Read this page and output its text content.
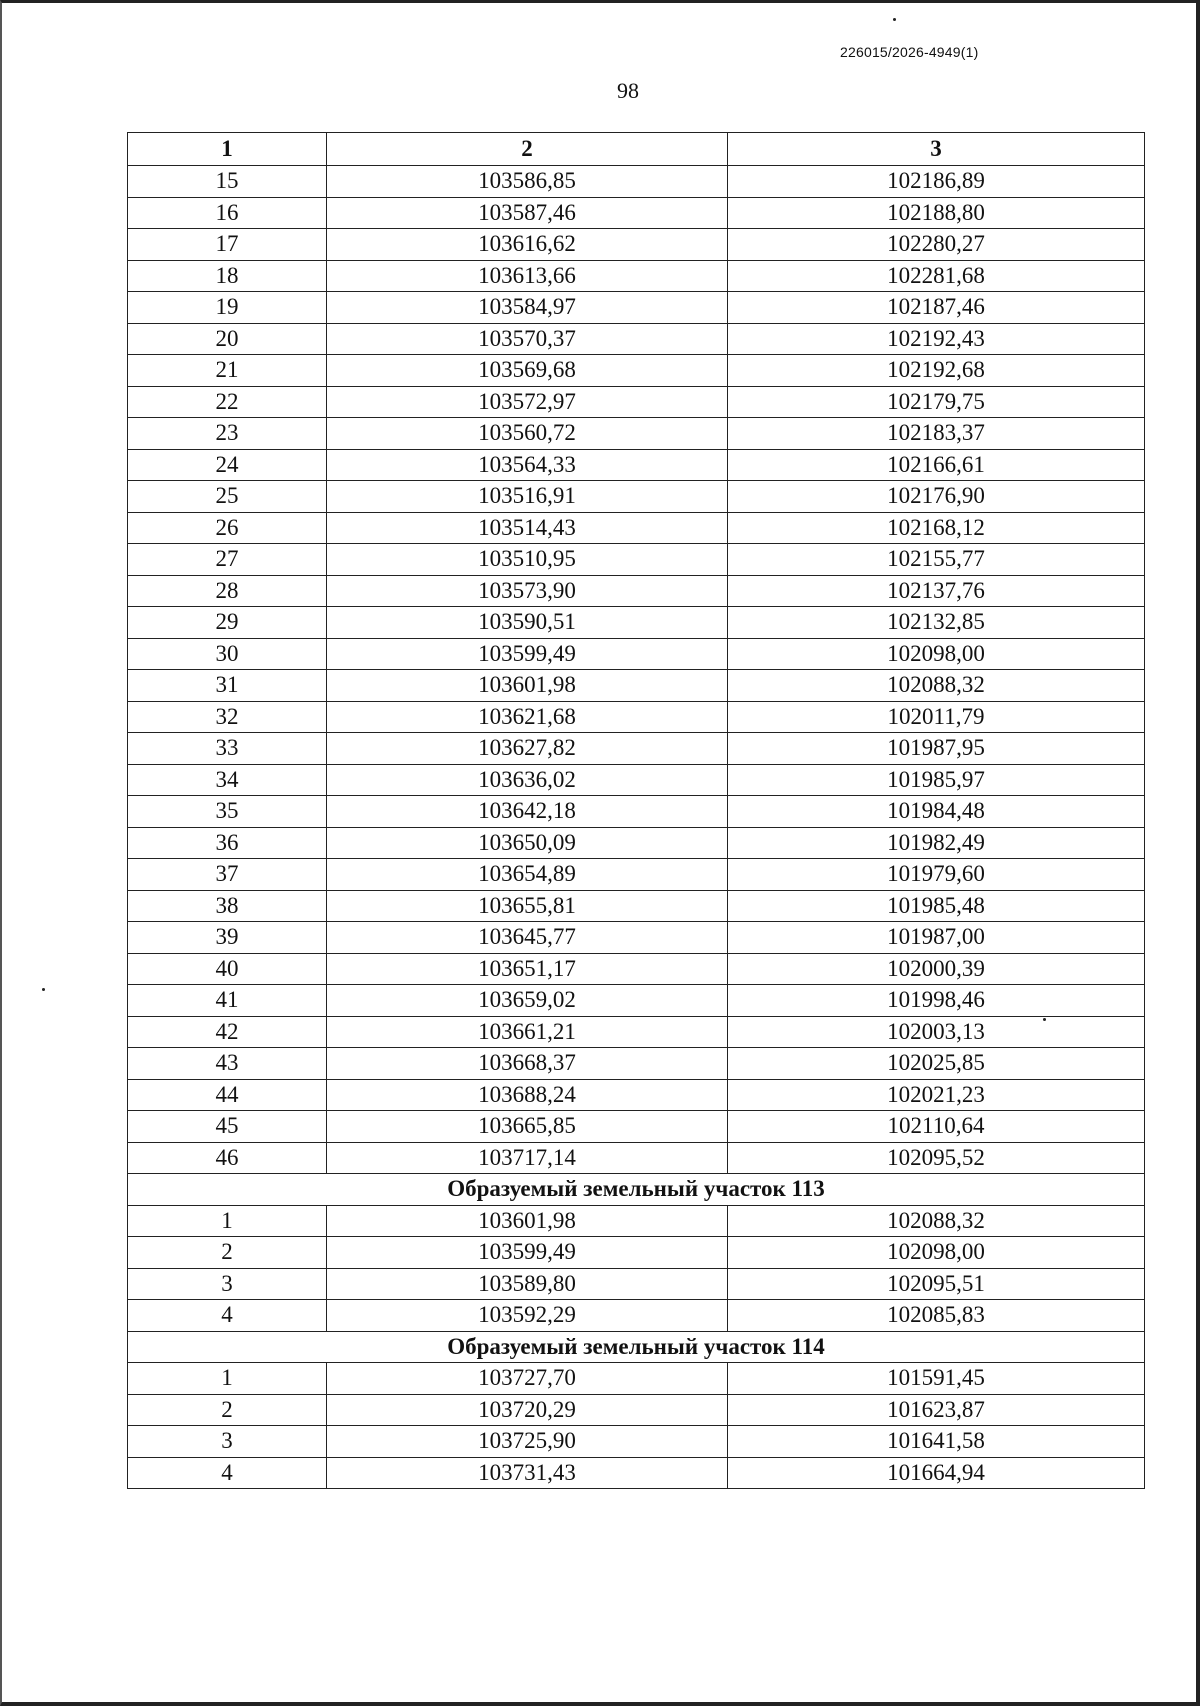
226015/2026-4949(1)
98
1	2	3
15	103586,85	102186,89
16	103587,46	102188,80
17	103616,62	102280,27
18	103613,66	102281,68
19	103584,97	102187,46
20	103570,37	102192,43
21	103569,68	102192,68
22	103572,97	102179,75
23	103560,72	102183,37
24	103564,33	102166,61
25	103516,91	102176,90
26	103514,43	102168,12
27	103510,95	102155,77
28	103573,90	102137,76
29	103590,51	102132,85
30	103599,49	102098,00
31	103601,98	102088,32
32	103621,68	102011,79
33	103627,82	101987,95
34	103636,02	101985,97
35	103642,18	101984,48
36	103650,09	101982,49
37	103654,89	101979,60
38	103655,81	101985,48
39	103645,77	101987,00
40	103651,17	102000,39
41	103659,02	101998,46
42	103661,21	102003,13
43	103668,37	102025,85
44	103688,24	102021,23
45	103665,85	102110,64
46	103717,14	102095,52
Образуемый земельный участок 113		
1	103601,98	102088,32
2	103599,49	102098,00
3	103589,80	102095,51
4	103592,29	102085,83
Образуемый земельный участок 114		
1	103727,70	101591,45
2	103720,29	101623,87
3	103725,90	101641,58
4	103731,43	101664,94
